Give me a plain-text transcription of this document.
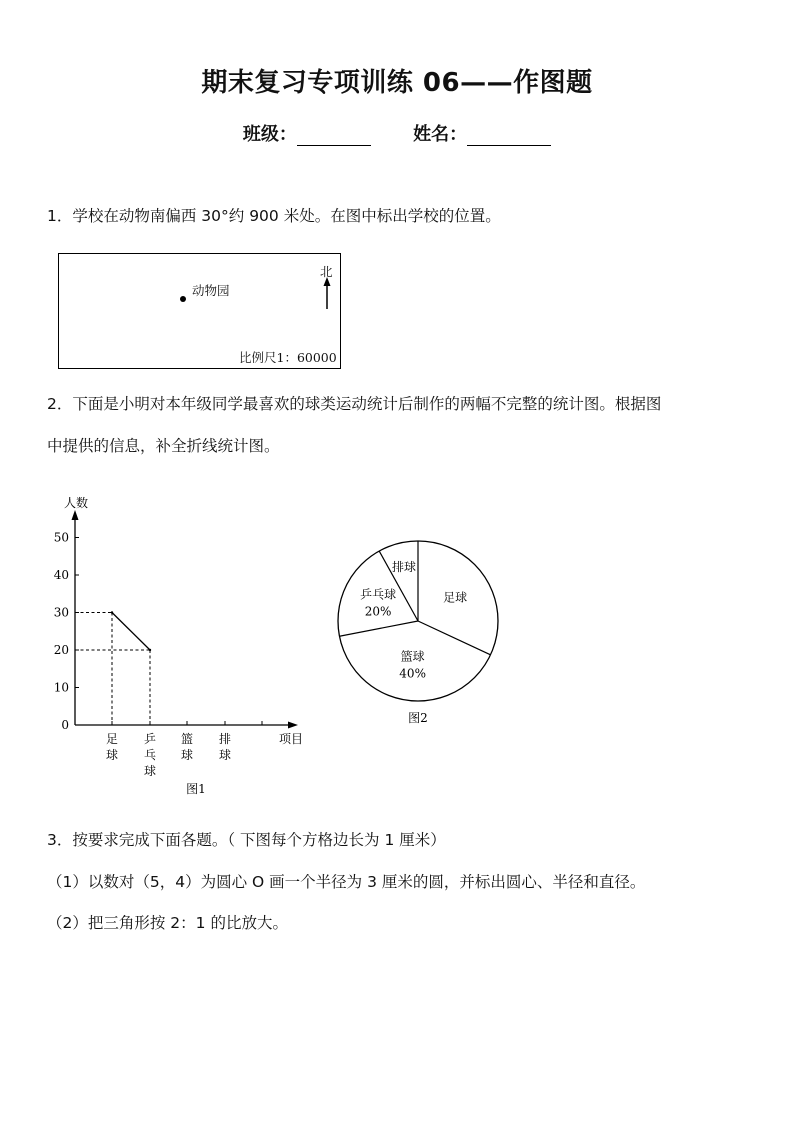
期末复习专项训练 06——作图题
班级：	姓名：
1．学校在动物南偏西 30°约 900 米处。在图中标出学校的位置。
动物园
北
比例尺1：60000
2．下面是小明对本年级同学最喜欢的球类运动统计后制作的两幅不完整的统计图。根据图
中提供的信息，补全折线统计图。
人数
项目
0
10
20
30
40
50
足
球
乒
乓
球
篮
球
排
球
图1
足球
篮球
40%
乒乓球
20%
排球
图2
3．按要求完成下面各题。（ 下图每个方格边长为 1 厘米）
（1）以数对（5，4）为圆心 O 画一个半径为 3 厘米的圆，并标出圆心、半径和直径。
（2）把三角形按 2：1 的比放大。
